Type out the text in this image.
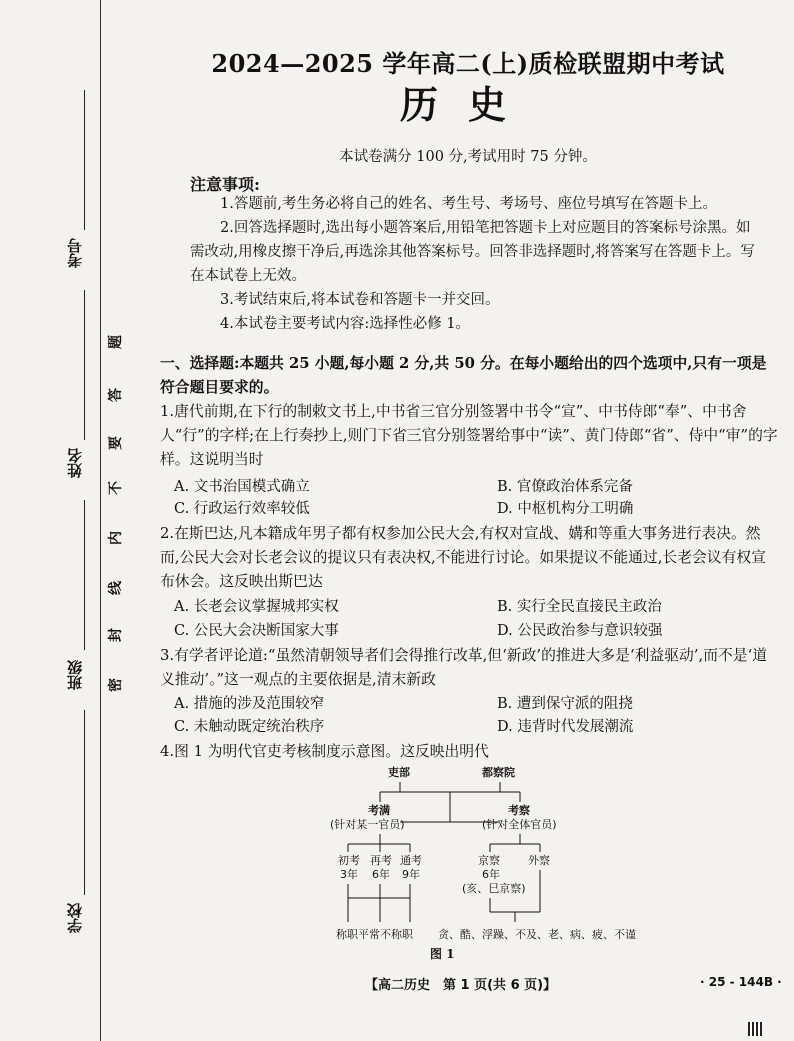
考号
姓名
班级
学校
题
答
要
不
内
线
封
密
2024—2025 学年高二(上)质检联盟期中考试
历史
本试卷满分 100 分,考试用时 75 分钟。
注意事项:
1.答题前,考生务必将自己的姓名、考生号、考场号、座位号填写在答题卡上。
2.回答选择题时,选出每小题答案后,用铅笔把答题卡上对应题目的答案标号涂黑。如需改动,用橡皮擦干净后,再选涂其他答案标号。回答非选择题时,将答案写在答题卡上。写在本试卷上无效。
3.考试结束后,将本试卷和答题卡一并交回。
4.本试卷主要考试内容:选择性必修 1。
一、选择题:本题共 25 小题,每小题 2 分,共 50 分。在每小题给出的四个选项中,只有一项是符合题目要求的。
1.唐代前期,在下行的制敕文书上,中书省三官分别签署中书令“宣”、中书侍郎“奉”、中书舍人“行”的字样;在上行奏抄上,则门下省三官分别签署给事中“读”、黄门侍郎“省”、侍中“审”的字样。这说明当时
A. 文书治国模式确立	B. 官僚政治体系完备
C. 行政运行效率较低	D. 中枢机构分工明确
2.在斯巴达,凡本籍成年男子都有权参加公民大会,有权对宣战、媾和等重大事务进行表决。然而,公民大会对长老会议的提议只有表决权,不能进行讨论。如果提议不能通过,长老会议有权宣布休会。这反映出斯巴达
A. 长老会议掌握城邦实权	B. 实行全民直接民主政治
C. 公民大会决断国家大事	D. 公民政治参与意识较强
3.有学者评论道:“虽然清朝领导者们会得推行改革,但‘新政’的推进大多是‘利益驱动’,而不是‘道义推动’。”这一观点的主要依据是,清末新政
A. 措施的涉及范围较窄	B. 遭到保守派的阻挠
C. 未触动既定统治秩序	D. 违背时代发展潮流
4.图 1 为明代官吏考核制度示意图。这反映出明代
吏部	都察院
考满
(针对某一官员)
考察
(针对全体官员)
初考 再考 通考
3年 6年 9年
称职平常不称职
京察	外察
6年
(亥、巳京察)
贪、酷、浮躁、不及、老、病、疲、不谨
图 1
【高二历史　第 1 页(共 6 页)】	· 25 - 144B ·
